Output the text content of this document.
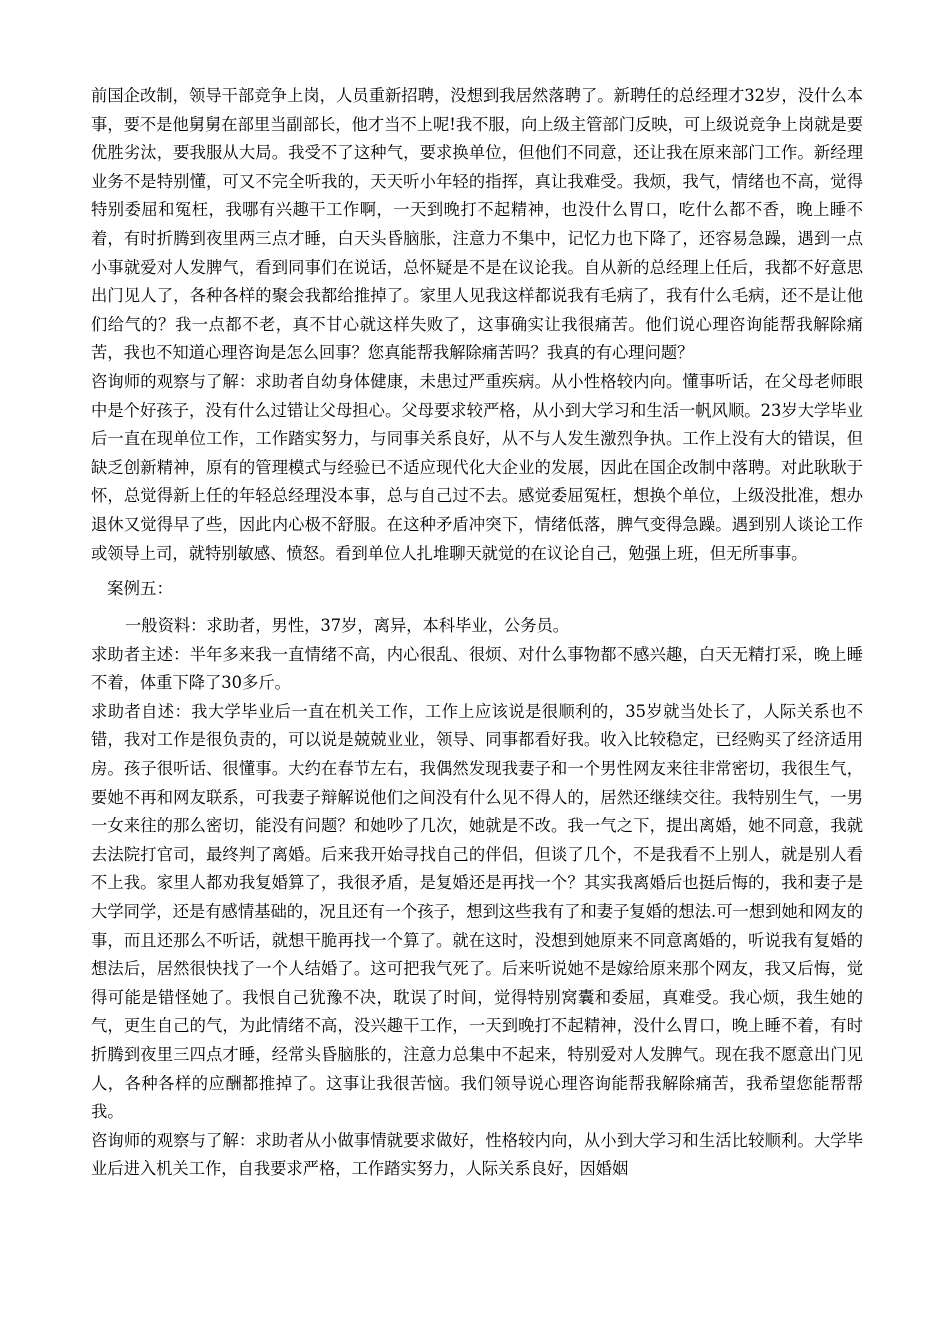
前国企改制，领导干部竞争上岗，人员重新招聘，没想到我居然落聘了。新聘任的总经理才32岁，没什么本事，要不是他舅舅在部里当副部长，他才当不上呢!我不服，向上级主管部门反映，可上级说竞争上岗就是要优胜劣汰，要我服从大局。我受不了这种气，要求换单位，但他们不同意，还让我在原来部门工作。新经理业务不是特别懂，可又不完全听我的，天天听小年轻的指挥，真让我难受。我烦，我气，情绪也不高，觉得特别委屈和冤枉，我哪有兴趣干工作啊，一天到晚打不起精神，也没什么胃口，吃什么都不香，晚上睡不着，有时折腾到夜里两三点才睡，白天头昏脑胀，注意力不集中，记忆力也下降了，还容易急躁，遇到一点小事就爱对人发脾气，看到同事们在说话，总怀疑是不是在议论我。自从新的总经理上任后，我都不好意思出门见人了，各种各样的聚会我都给推掉了。家里人见我这样都说我有毛病了，我有什么毛病，还不是让他们给气的？我一点都不老，真不甘心就这样失败了，这事确实让我很痛苦。他们说心理咨询能帮我解除痛苦，我也不知道心理咨询是怎么回事？您真能帮我解除痛苦吗？我真的有心理问题？

咨询师的观察与了解：求助者自幼身体健康，未患过严重疾病。从小性格较内向。懂事听话，在父母老师眼中是个好孩子，没有什么过错让父母担心。父母要求较严格，从小到大学习和生活一帆风顺。23岁大学毕业后一直在现单位工作，工作踏实努力，与同事关系良好，从不与人发生激烈争执。工作上没有大的错误，但缺乏创新精神，原有的管理模式与经验已不适应现代化大企业的发展，因此在国企改制中落聘。对此耿耿于怀，总觉得新上任的年轻总经理没本事，总与自己过不去。感觉委屈冤枉，想换个单位，上级没批准，想办退休又觉得早了些，因此内心极不舒服。在这种矛盾冲突下，情绪低落，脾气变得急躁。遇到别人谈论工作或领导上司，就特别敏感、愤怒。看到单位人扎堆聊天就觉的在议论自己，勉强上班，但无所事事。

案例五：

一般资料：求助者，男性，37岁，离异，本科毕业，公务员。

求助者主述：半年多来我一直情绪不高，内心很乱、很烦、对什么事物都不感兴趣，白天无精打采，晚上睡不着，体重下降了30多斤。

求助者自述：我大学毕业后一直在机关工作，工作上应该说是很顺利的，35岁就当处长了，人际关系也不错，我对工作是很负责的，可以说是兢兢业业，领导、同事都看好我。收入比较稳定，已经购买了经济适用房。孩子很听话、很懂事。大约在春节左右，我偶然发现我妻子和一个男性网友来往非常密切，我很生气，要她不再和网友联系，可我妻子辩解说他们之间没有什么见不得人的，居然还继续交往。我特别生气，一男一女来往的那么密切，能没有问题？和她吵了几次，她就是不改。我一气之下，提出离婚，她不同意，我就去法院打官司，最终判了离婚。后来我开始寻找自己的伴侣，但谈了几个，不是我看不上别人，就是别人看不上我。家里人都劝我复婚算了，我很矛盾，是复婚还是再找一个？其实我离婚后也挺后悔的，我和妻子是大学同学，还是有感情基础的，况且还有一个孩子，想到这些我有了和妻子复婚的想法.可一想到她和网友的事，而且还那么不听话，就想干脆再找一个算了。就在这时，没想到她原来不同意离婚的，听说我有复婚的想法后，居然很快找了一个人结婚了。这可把我气死了。后来听说她不是嫁给原来那个网友，我又后悔，觉得可能是错怪她了。我恨自己犹豫不决，耽误了时间，觉得特别窝囊和委屈，真难受。我心烦，我生她的气，更生自己的气，为此情绪不高，没兴趣干工作，一天到晚打不起精神，没什么胃口，晚上睡不着，有时折腾到夜里三四点才睡，经常头昏脑胀的，注意力总集中不起来，特别爱对人发脾气。现在我不愿意出门见人，各种各样的应酬都推掉了。这事让我很苦恼。我们领导说心理咨询能帮我解除痛苦，我希望您能帮帮我。

咨询师的观察与了解：求助者从小做事情就要求做好，性格较内向，从小到大学习和生活比较顺利。大学毕业后进入机关工作，自我要求严格，工作踏实努力，人际关系良好，因婚姻
